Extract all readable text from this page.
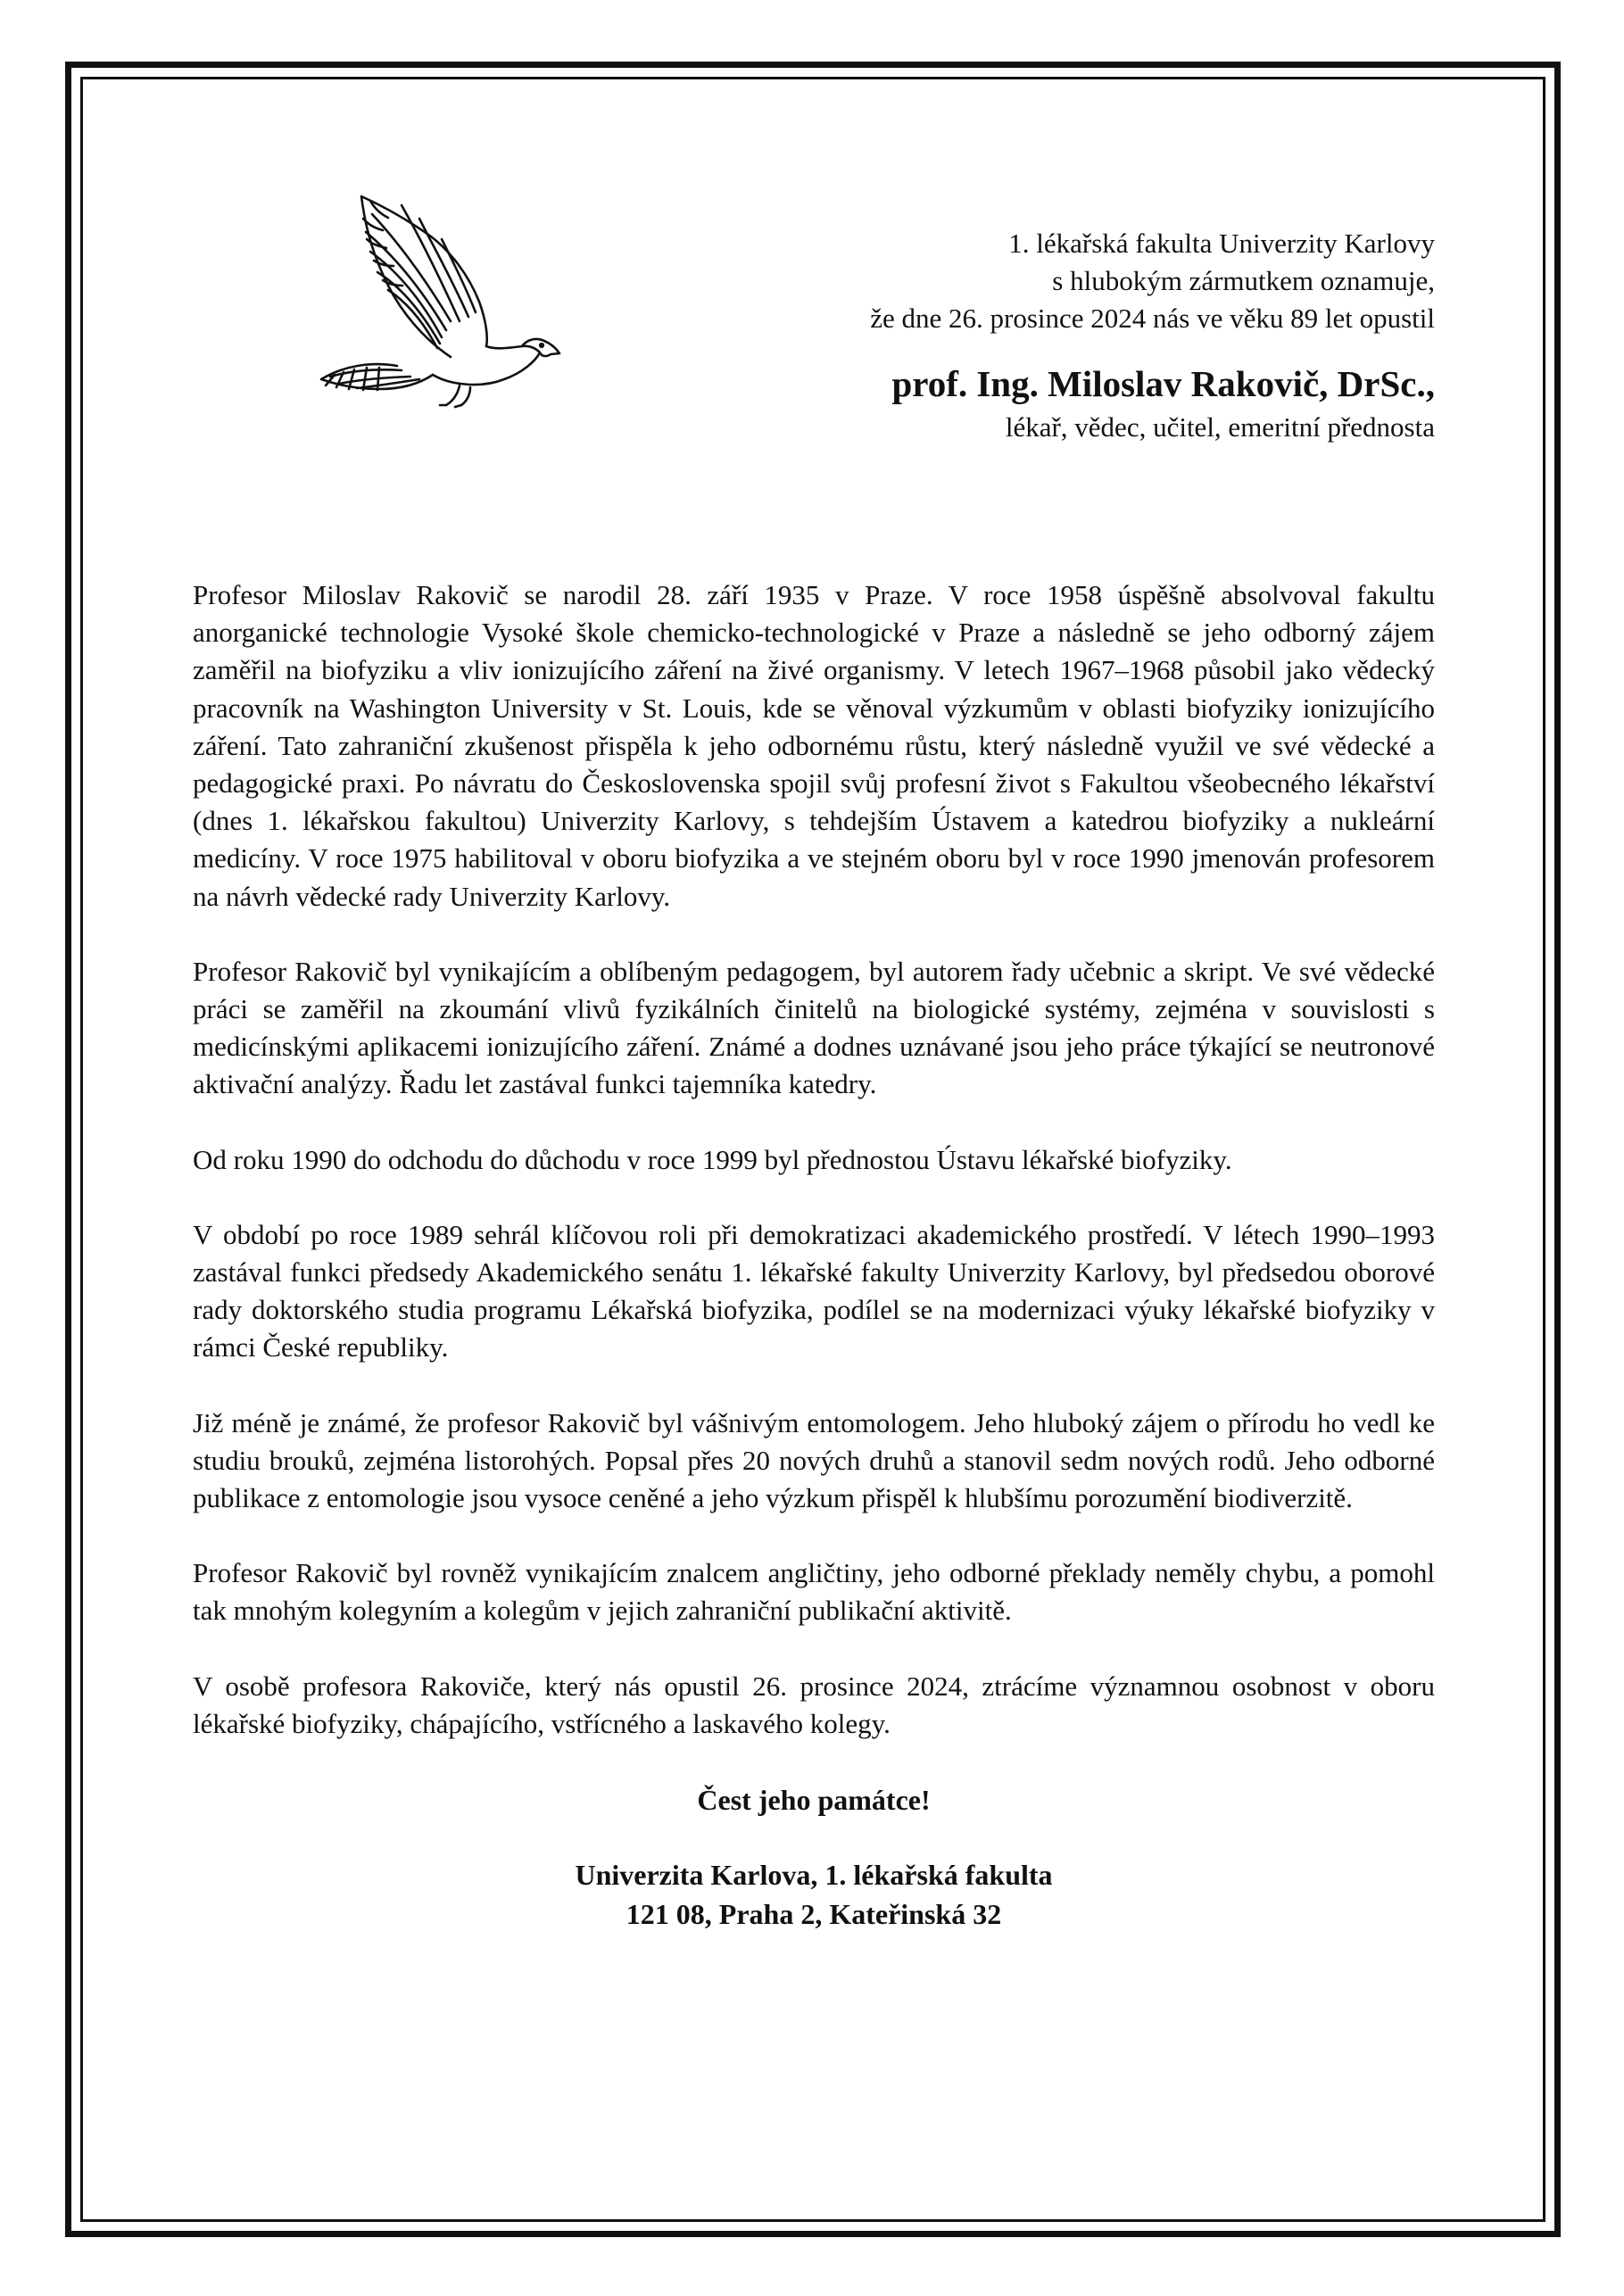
1. lékařská fakulta Univerzity Karlovy
s hlubokým zármutkem oznamuje,
že dne 26. prosince 2024 nás ve věku 89 let opustil
prof. Ing. Miloslav Rakovič, DrSc.,
lékař, vědec, učitel, emeritní přednosta

Profesor Miloslav Rakovič se narodil 28. září 1935 v Praze. V roce 1958 úspěšně absolvoval fakultu anorganické technologie Vysoké škole chemicko-technologické v Praze a následně se jeho odborný zájem zaměřil na biofyziku a vliv ionizujícího záření na živé organismy. V letech 1967–1968 působil jako vědecký pracovník na Washington University v St. Louis, kde se věnoval výzkumům v oblasti biofyziky ionizujícího záření. Tato zahraniční zkušenost přispěla k jeho odbornému růstu, který následně využil ve své vědecké a pedagogické praxi. Po návratu do Československa spojil svůj profesní život s Fakultou všeobecného lékařství (dnes 1. lékařskou fakultou) Univerzity Karlovy, s tehdejším Ústavem a katedrou biofyziky a nukleární medicíny. V roce 1975 habilitoval v oboru biofyzika a ve stejném oboru byl v roce 1990 jmenován profesorem na návrh vědecké rady Univerzity Karlovy.

Profesor Rakovič byl vynikajícím a oblíbeným pedagogem, byl autorem řady učebnic a skript. Ve své vědecké práci se zaměřil na zkoumání vlivů fyzikálních činitelů na biologické systémy, zejména v souvislosti s medicínskými aplikacemi ionizujícího záření. Známé a dodnes uznávané jsou jeho práce týkající se neutronové aktivační analýzy. Řadu let zastával funkci tajemníka katedry.

Od roku 1990 do odchodu do důchodu v roce 1999 byl přednostou Ústavu lékařské biofyziky.

V období po roce 1989 sehrál klíčovou roli při demokratizaci akademického prostředí. V létech 1990–1993 zastával funkci předsedy Akademického senátu 1. lékařské fakulty Univerzity Karlovy, byl předsedou oborové rady doktorského studia programu Lékařská biofyzika, podílel se na modernizaci výuky lékařské biofyziky v rámci České republiky.

Již méně je známé, že profesor Rakovič byl vášnivým entomologem. Jeho hluboký zájem o přírodu ho vedl ke studiu brouků, zejména listorohých. Popsal přes 20 nových druhů a stanovil sedm nových rodů. Jeho odborné publikace z entomologie jsou vysoce ceněné a jeho výzkum přispěl k hlubšímu porozumění biodiverzitě.

Profesor Rakovič byl rovněž vynikajícím znalcem angličtiny, jeho odborné překlady neměly chybu, a pomohl tak mnohým kolegyním a kolegům v jejich zahraniční publikační aktivitě.

V osobě profesora Rakoviče, který nás opustil 26. prosince 2024, ztrácíme významnou osobnost v oboru lékařské biofyziky, chápajícího, vstřícného a laskavého kolegy.

Čest jeho památce!
Univerzita Karlova, 1. lékařská fakulta
121 08, Praha 2, Kateřinská 32
